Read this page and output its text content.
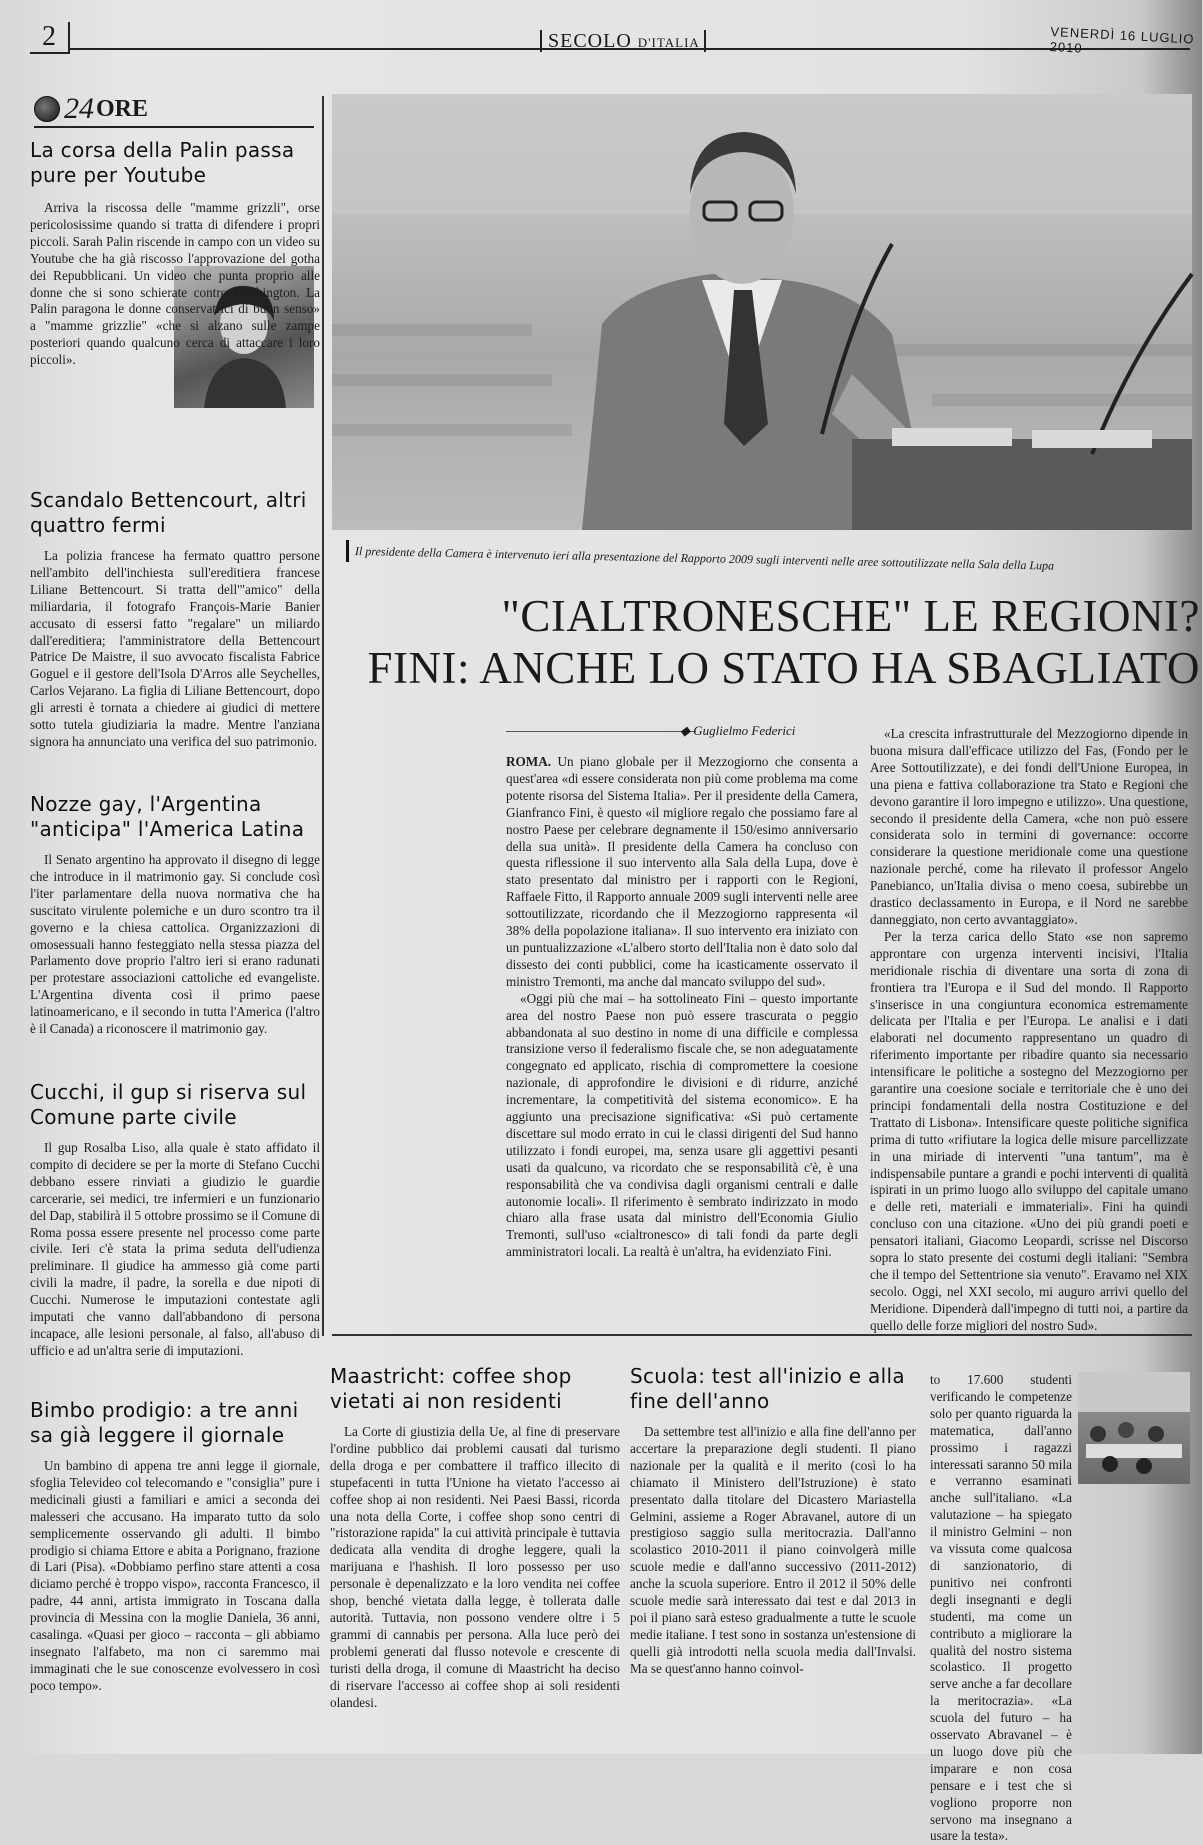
2	SECOLO D'ITALIA	VENERDÌ 16 LUGLIO 2010
24 ORE
La corsa della Palin passa pure per Youtube

Arriva la riscossa delle "mamme grizzli", orse pericolosissime quando si tratta di difendere i propri piccoli. Sarah Palin riscende in campo con un video su Youtube che ha già riscosso l'approvazione del gotha dei Repubblicani. Un video che punta proprio alle donne che si sono schierate contro Washington. La Palin paragona le donne conservatrici di buon senso» a "mamme grizzlie" «che si alzano sulle zampe posteriori quando qualcuno cerca di attaccare i loro piccoli».

Scandalo Bettencourt, altri quattro fermi

La polizia francese ha fermato quattro persone nell'ambito dell'inchiesta sull'ereditiera francese Liliane Bettencourt. Si tratta dell'"amico" della miliardaria, il fotografo François-Marie Banier accusato di essersi fatto "regalare" un miliardo dall'ereditiera; l'amministratore della Bettencourt Patrice De Maistre, il suo avvocato fiscalista Fabrice Goguel e il gestore dell'Isola D'Arros alle Seychelles, Carlos Vejarano. La figlia di Liliane Bettencourt, dopo gli arresti è tornata a chiedere ai giudici di mettere sotto tutela giudiziaria la madre. Mentre l'anziana signora ha annunciato una verifica del suo patrimonio.

Nozze gay, l'Argentina "anticipa" l'America Latina

Il Senato argentino ha approvato il disegno di legge che introduce in il matrimonio gay. Si conclude così l'iter parlamentare della nuova normativa che ha suscitato virulente polemiche e un duro scontro tra il governo e la chiesa cattolica. Organizzazioni di omosessuali hanno festeggiato nella stessa piazza del Parlamento dove proprio l'altro ieri si erano radunati per protestare associazioni cattoliche ed evangeliste. L'Argentina diventa così il primo paese latinoamericano, e il secondo in tutta l'America (l'altro è il Canada) a riconoscere il matrimonio gay.

Cucchi, il gup si riserva sul Comune parte civile

Il gup Rosalba Liso, alla quale è stato affidato il compito di decidere se per la morte di Stefano Cucchi debbano essere rinviati a giudizio le guardie carcerarie, sei medici, tre infermieri e un funzionario del Dap, stabilirà il 5 ottobre prossimo se il Comune di Roma possa essere presente nel processo come parte civile. Ieri c'è stata la prima seduta dell'udienza preliminare. Il giudice ha ammesso già come parti civili la madre, il padre, la sorella e due nipoti di Cucchi. Numerose le imputazioni contestate agli imputati che vanno dall'abbandono di persona incapace, alle lesioni personale, al falso, all'abuso di ufficio e ad un'altra serie di imputazioni.

Bimbo prodigio: a tre anni sa già leggere il giornale

Un bambino di appena tre anni legge il giornale, sfoglia Televideo col telecomando e "consiglia" pure i medicinali giusti a familiari e amici a seconda dei malesseri che accusano. Ha imparato tutto da solo semplicemente osservando gli adulti. Il bimbo prodigio si chiama Ettore e abita a Porignano, frazione di Lari (Pisa). «Dobbiamo perfino stare attenti a cosa diciamo perché è troppo vispo», racconta Francesco, il padre, 44 anni, artista immigrato in Toscana dalla provincia di Messina con la moglie Daniela, 36 anni, casalinga. «Quasi per gioco – racconta – gli abbiamo insegnato l'alfabeto, ma non ci saremmo mai immaginati che le sue conoscenze evolvessero in così poco tempo».

Il presidente della Camera è intervenuto ieri alla presentazione del Rapporto 2009 sugli interventi nelle aree sottoutilizzate nella Sala della Lupa
"CIALTRONESCHE" LE REGIONI?
FINI: ANCHE LO STATO HA SBAGLIATO
◆ Guglielmo Federici

ROMA. Un piano globale per il Mezzogiorno che consenta a quest'area «di essere considerata non più come problema ma come potente risorsa del Sistema Italia». Per il presidente della Camera, Gianfranco Fini, è questo «il migliore regalo che possiamo fare al nostro Paese per celebrare degnamente il 150/esimo anniversario della sua unità». Il presidente della Camera ha concluso con questa riflessione il suo intervento alla Sala della Lupa, dove è stato presentato dal ministro per i rapporti con le Regioni, Raffaele Fitto, il Rapporto annuale 2009 sugli interventi nelle aree sottoutilizzate, ricordando che il Mezzogiorno rappresenta «il 38% della popolazione italiana». Il suo intervento era iniziato con un puntualizzazione «L'albero storto dell'Italia non è dato solo dal dissesto dei conti pubblici, come ha icasticamente osservato il ministro Tremonti, ma anche dal mancato sviluppo del sud».

«Oggi più che mai – ha sottolineato Fini – questo importante area del nostro Paese non può essere trascurata o peggio abbandonata al suo destino in nome di una difficile e complessa transizione verso il federalismo fiscale che, se non adeguatamente congegnato ed applicato, rischia di compromettere la coesione nazionale, di approfondire le divisioni e di ridurre, anziché incrementare, la competitività del sistema economico». E ha aggiunto una precisazione significativa: «Si può certamente discettare sul modo errato in cui le classi dirigenti del Sud hanno utilizzato i fondi europei, ma, senza usare gli aggettivi pesanti usati da qualcuno, va ricordato che se responsabilità c'è, è una responsabilità che va condivisa dagli organismi centrali e dalle autonomie locali». Il riferimento è sembrato indirizzato in modo chiaro alla frase usata dal ministro dell'Economia Giulio Tremonti, sull'uso «cialtronesco» di tali fondi da parte degli amministratori locali. La realtà è un'altra, ha evidenziato Fini.

«La crescita infrastrutturale del Mezzogiorno dipende in buona misura dall'efficace utilizzo del Fas, (Fondo per le Aree Sottoutilizzate), e dei fondi dell'Unione Europea, in una piena e fattiva collaborazione tra Stato e Regioni che devono garantire il loro impegno e utilizzo». Una questione, secondo il presidente della Camera, «che non può essere considerata solo in termini di governance: occorre considerare la questione meridionale come una questione nazionale perché, come ha rilevato il professor Angelo Panebianco, un'Italia divisa o meno coesa, subirebbe un drastico declassamento in Europa, e il Nord ne sarebbe danneggiato, non certo avvantaggiato».

Per la terza carica dello Stato «se non sapremo approntare con urgenza interventi incisivi, l'Italia meridionale rischia di diventare una sorta di zona di frontiera tra l'Europa e il Sud del mondo. Il Rapporto s'inserisce in una congiuntura economica estremamente delicata per l'Italia e per l'Europa. Le analisi e i dati elaborati nel documento rappresentano un quadro di riferimento importante per ribadire quanto sia necessario intensificare le politiche a sostegno del Mezzogiorno per garantire una coesione sociale e territoriale che è uno dei principi fondamentali della nostra Costituzione e del Trattato di Lisbona». Intensificare queste politiche significa prima di tutto «rifiutare la logica delle misure parcellizzate in una miriade di interventi "una tantum", ma è indispensabile puntare a grandi e pochi interventi di qualità ispirati in un primo luogo allo sviluppo del capitale umano e delle reti, materiali e immateriali». Fini ha quindi concluso con una citazione. «Uno dei più grandi poeti e pensatori italiani, Giacomo Leopardi, scrisse nel Discorso sopra lo stato presente dei costumi degli italiani: "Sembra che il tempo del Settentrione sia venuto". Eravamo nel XIX secolo. Oggi, nel XXI secolo, mi auguro arrivi quello del Meridione. Dipenderà dall'impegno di tutti noi, a partire da quello delle forze migliori del nostro Sud».

Maastricht: coffee shop vietati ai non residenti

La Corte di giustizia della Ue, al fine di preservare l'ordine pubblico dai problemi causati dal turismo della droga e per combattere il traffico illecito di stupefacenti in tutta l'Unione ha vietato l'accesso ai coffee shop ai non residenti. Nei Paesi Bassi, ricorda una nota della Corte, i coffee shop sono centri di "ristorazione rapida" la cui attività principale è tuttavia dedicata alla vendita di droghe leggere, quali la marijuana e l'hashish. Il loro possesso per uso personale è depenalizzato e la loro vendita nei coffee shop, benché vietata dalla legge, è tollerata dalle autorità. Tuttavia, non possono vendere oltre i 5 grammi di cannabis per persona. Alla luce però dei problemi generati dal flusso notevole e crescente di turisti della droga, il comune di Maastricht ha deciso di riservare l'accesso ai coffee shop ai soli residenti olandesi.

Scuola: test all'inizio e alla fine dell'anno

Da settembre test all'inizio e alla fine dell'anno per accertare la preparazione degli studenti. Il piano nazionale per la qualità e il merito (così lo ha chiamato il Ministero dell'Istruzione) è stato presentato dalla titolare del Dicastero Mariastella Gelmini, assieme a Roger Abravanel, autore di un prestigioso saggio sulla meritocrazia. Dall'anno scolastico 2010-2011 il piano coinvolgerà mille scuole medie e dall'anno successivo (2011-2012) anche la scuola superiore. Entro il 2012 il 50% delle scuole medie sarà interessato dai test e dal 2013 in poi il piano sarà esteso gradualmente a tutte le scuole medie italiane. I test sono in sostanza un'estensione di quelli già introdotti nella scuola media dall'Invalsi. Ma se quest'anno hanno coinvol-

to 17.600 studenti verificando le competenze solo per quanto riguarda la matematica, dall'anno prossimo i ragazzi interessati saranno 50 mila e verranno esaminati anche sull'italiano. «La valutazione – ha spiegato il ministro Gelmini – non va vissuta come qualcosa di sanzionatorio, di punitivo nei confronti degli insegnanti e degli studenti, ma come un contributo a migliorare la qualità del nostro sistema scolastico. Il progetto serve anche a far decollare la meritocrazia». «La scuola del futuro – ha osservato Abravanel – è un luogo dove più che imparare e non cosa pensare e i test che si vogliono proporre non servono ma insegnano a usare la testa».
